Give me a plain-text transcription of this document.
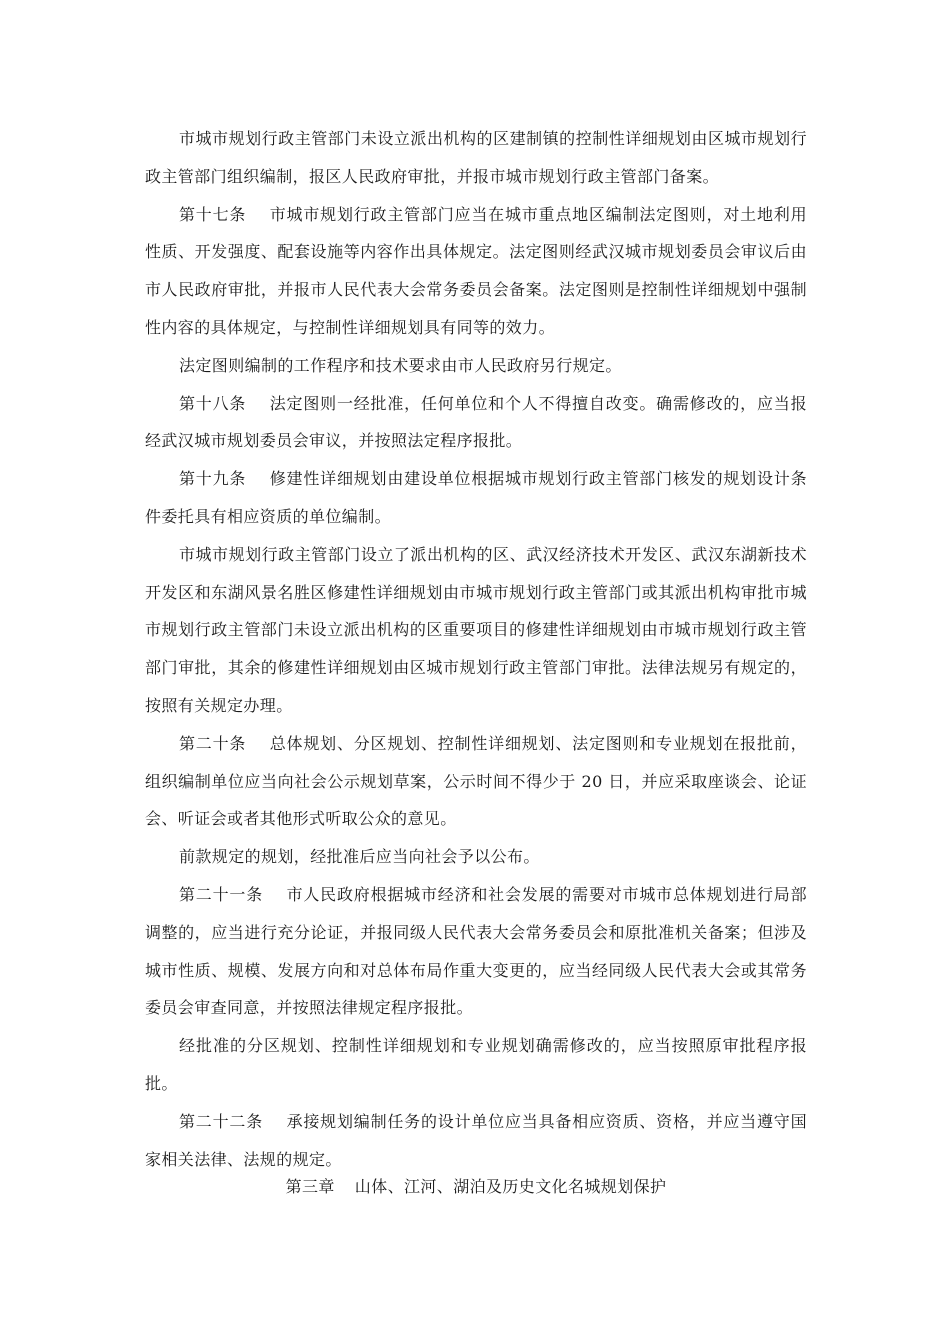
市城市规划行政主管部门未设立派出机构的区建制镇的控制性详细规划由区城市规划行政主管部门组织编制，报区人民政府审批，并报市城市规划行政主管部门备案。

第十七条 市城市规划行政主管部门应当在城市重点地区编制法定图则，对土地利用性质、开发强度、配套设施等内容作出具体规定。法定图则经武汉城市规划委员会审议后由市人民政府审批，并报市人民代表大会常务委员会备案。法定图则是控制性详细规划中强制性内容的具体规定，与控制性详细规划具有同等的效力。

法定图则编制的工作程序和技术要求由市人民政府另行规定。

第十八条 法定图则一经批准，任何单位和个人不得擅自改变。确需修改的，应当报经武汉城市规划委员会审议，并按照法定程序报批。

第十九条 修建性详细规划由建设单位根据城市规划行政主管部门核发的规划设计条件委托具有相应资质的单位编制。

市城市规划行政主管部门设立了派出机构的区、武汉经济技术开发区、武汉东湖新技术开发区和东湖风景名胜区修建性详细规划由市城市规划行政主管部门或其派出机构审批市城市规划行政主管部门未设立派出机构的区重要项目的修建性详细规划由市城市规划行政主管部门审批，其余的修建性详细规划由区城市规划行政主管部门审批。法律法规另有规定的，按照有关规定办理。

第二十条 总体规划、分区规划、控制性详细规划、法定图则和专业规划在报批前，组织编制单位应当向社会公示规划草案，公示时间不得少于 20 日，并应采取座谈会、论证会、听证会或者其他形式听取公众的意见。

前款规定的规划，经批准后应当向社会予以公布。

第二十一条 市人民政府根据城市经济和社会发展的需要对市城市总体规划进行局部调整的，应当进行充分论证，并报同级人民代表大会常务委员会和原批准机关备案；但涉及城市性质、规模、发展方向和对总体布局作重大变更的，应当经同级人民代表大会或其常务委员会审查同意，并按照法律规定程序报批。

经批准的分区规划、控制性详细规划和专业规划确需修改的，应当按照原审批程序报批。

第二十二条 承接规划编制任务的设计单位应当具备相应资质、资格，并应当遵守国家相关法律、法规的规定。

第三章 山体、江河、湖泊及历史文化名城规划保护
